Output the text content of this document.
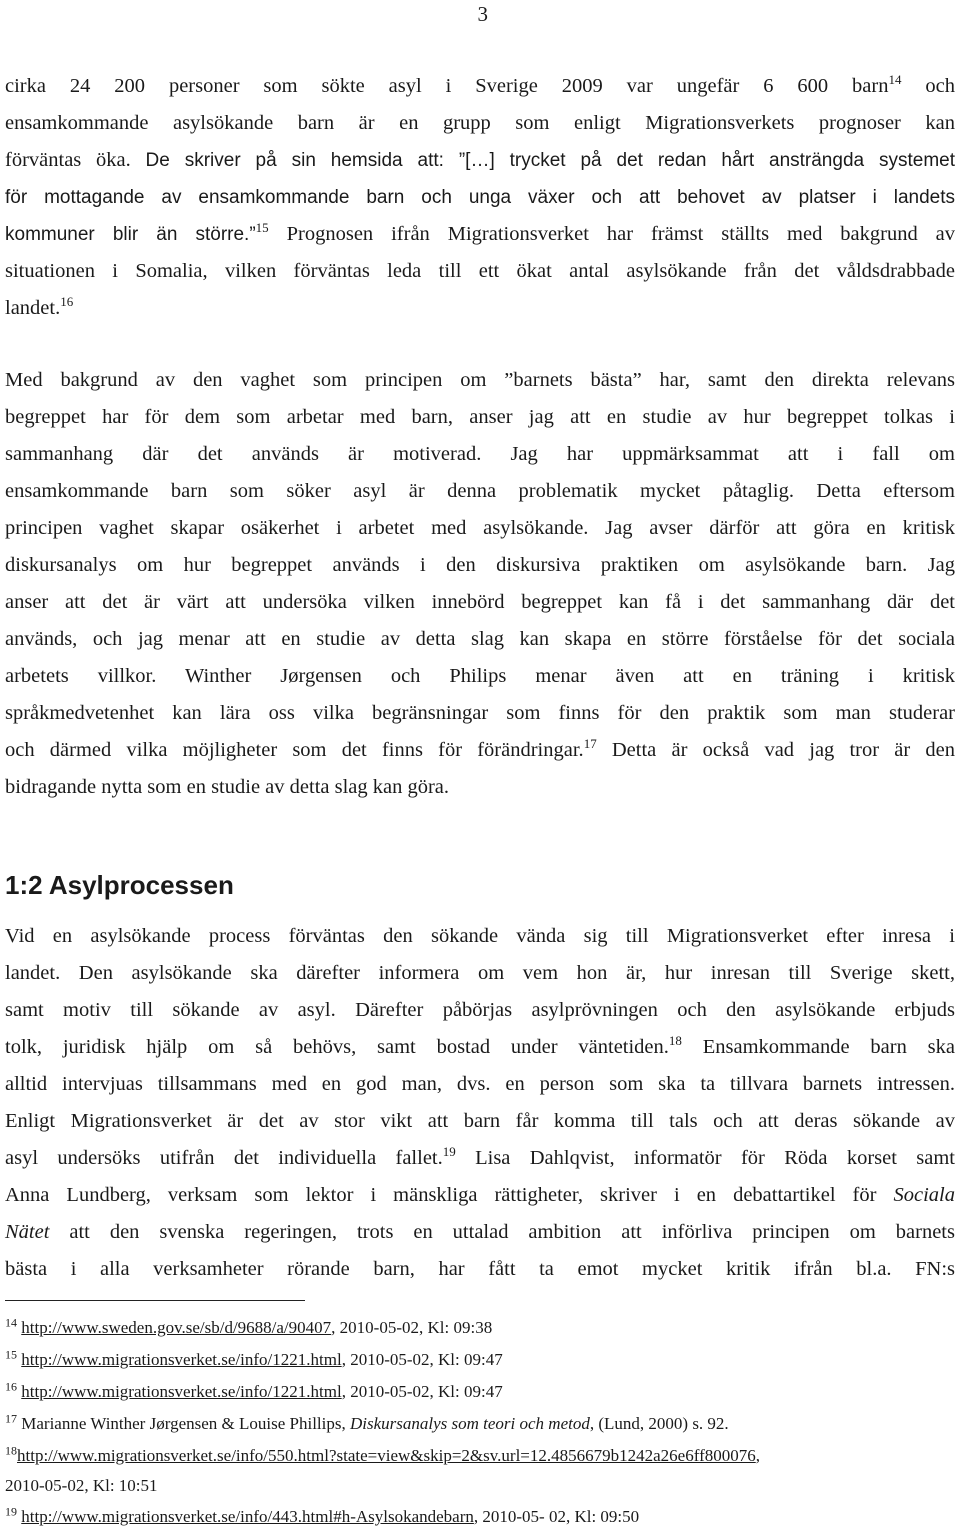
3
cirka 24 200 personer som sökte asyl i Sverige 2009 var ungefär 6 600 barn$^{14}$ och
ensamkommande asylsökande barn är en grupp som enligt Migrationsverkets prognoser kan
förväntas öka. De skriver på sin hemsida att: ”[…] trycket på det redan hårt ansträngda systemet
för mottagande av ensamkommande barn och unga växer och att behovet av platser i landets
kommuner blir än större.”$^{15}$ Prognosen ifrån Migrationsverket har främst ställts med bakgrund av
situationen i Somalia, vilken förväntas leda till ett ökat antal asylsökande från det våldsdrabbade
landet.$^{16}$
Med bakgrund av den vaghet som principen om ”barnets bästa” har, samt den direkta relevans
begreppet har för dem som arbetar med barn, anser jag att en studie av hur begreppet tolkas i
sammanhang där det används är motiverad. Jag har uppmärksammat att i fall om
ensamkommande barn som söker asyl är denna problematik mycket påtaglig. Detta eftersom
principen vaghet skapar osäkerhet i arbetet med asylsökande. Jag avser därför att göra en kritisk
diskursanalys om hur begreppet används i den diskursiva praktiken om asylsökande barn. Jag
anser att det är värt att undersöka vilken innebörd begreppet kan få i det sammanhang där det
används, och jag menar att en studie av detta slag kan skapa en större förståelse för det sociala
arbetets villkor. Winther Jørgensen och Philips menar även att en träning i kritisk
språkmedvetenhet kan lära oss vilka begränsningar som finns för den praktik som man studerar
och därmed vilka möjligheter som det finns för förändringar.$^{17}$ Detta är också vad jag tror är den
bidragande nytta som en studie av detta slag kan göra.
1:2 Asylprocessen
Vid en asylsökande process förväntas den sökande vända sig till Migrationsverket efter inresa i
landet. Den asylsökande ska därefter informera om vem hon är, hur inresan till Sverige skett,
samt motiv till sökande av asyl. Därefter påbörjas asylprövningen och den asylsökande erbjuds
tolk, juridisk hjälp om så behövs, samt bostad under väntetiden.$^{18}$ Ensamkommande barn ska
alltid intervjuas tillsammans med en god man, dvs. en person som ska ta tillvara barnets intressen.
Enligt Migrationsverket är det av stor vikt att barn får komma till tals och att deras sökande av
asyl undersöks utifrån det individuella fallet.$^{19}$ Lisa Dahlqvist, informatör för Röda korset samt
Anna Lundberg, verksam som lektor i mänskliga rättigheter, skriver i en debattartikel för Sociala
Nätet att den svenska regeringen, trots en uttalad ambition att införliva principen om barnets
bästa i alla verksamheter rörande barn, har fått ta emot mycket kritik ifrån bl.a. FN:s
$^{14}$ http://www.sweden.gov.se/sb/d/9688/a/90407, 2010-05-02, Kl: 09:38
$^{15}$ http://www.migrationsverket.se/info/1221.html, 2010-05-02, Kl: 09:47
$^{16}$ http://www.migrationsverket.se/info/1221.html, 2010-05-02, Kl: 09:47
$^{17}$ Marianne Winther Jørgensen & Louise Phillips, Diskursanalys som teori och metod, (Lund, 2000) s. 92.
$^{18}$http://www.migrationsverket.se/info/550.html?state=view&skip=2&sv.url=12.4856679b1242a26e6ff800076,
2010-05-02, Kl: 10:51
$^{19}$ http://www.migrationsverket.se/info/443.html#h-Asylsokandebarn, 2010-05- 02, Kl: 09:50
